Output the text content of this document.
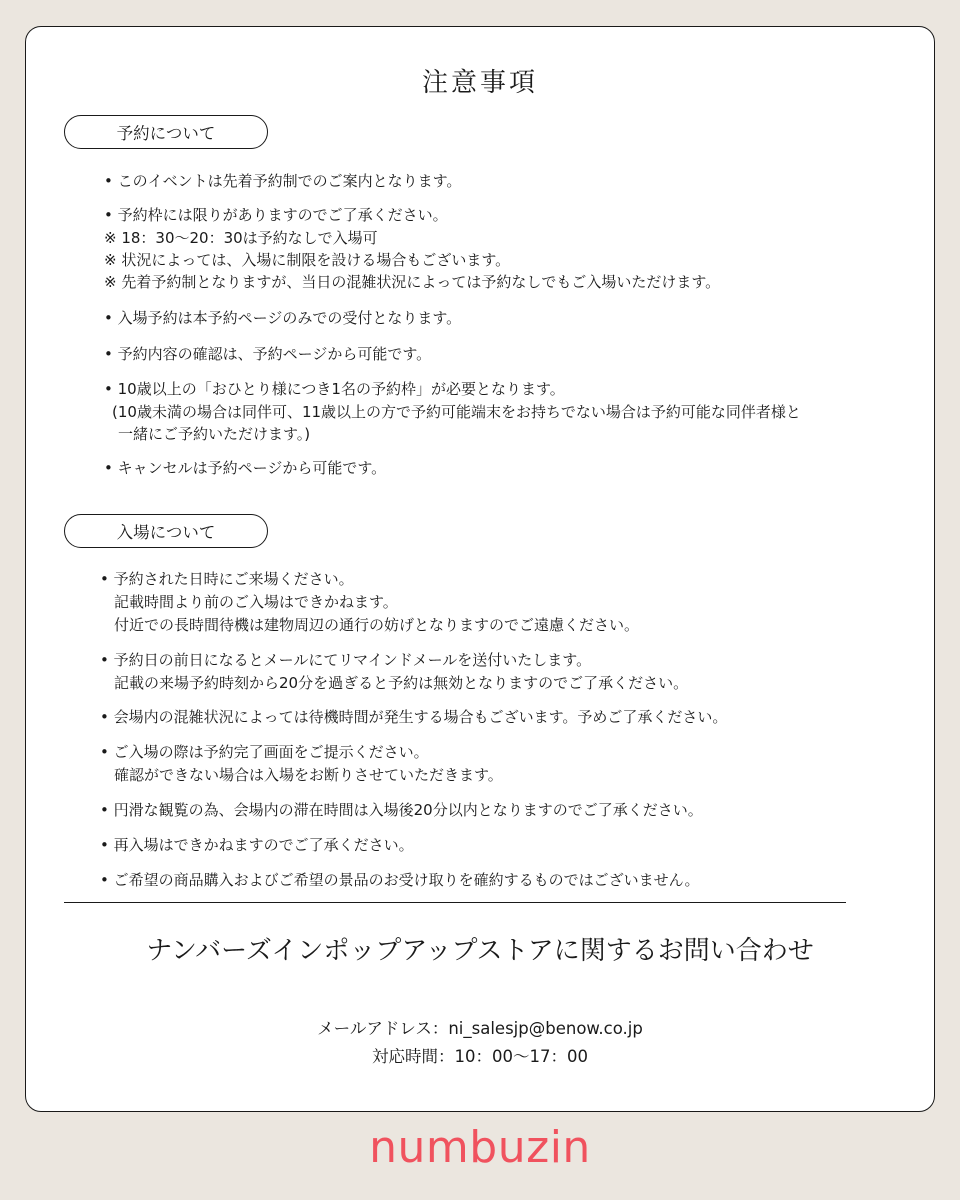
注意事項
予約について
• このイベントは先着予約制でのご案内となります。
• 予約枠には限りがありますのでご了承ください。
※ 18：30～20：30は予約なしで入場可
※ 状況によっては、入場に制限を設ける場合もございます。
※ 先着予約制となりますが、当日の混雑状況によっては予約なしでもご入場いただけます。
• 入場予約は本予約ページのみでの受付となります。
• 予約内容の確認は、予約ページから可能です。
• 10歳以上の「おひとり様につき1名の予約枠」が必要となります。
(10歳未満の場合は同伴可、11歳以上の方で予約可能端末をお持ちでない場合は予約可能な同伴者様と
一緒にご予約いただけます。)
• キャンセルは予約ページから可能です。
入場について
• 予約された日時にご来場ください。
記載時間より前のご入場はできかねます。
付近での長時間待機は建物周辺の通行の妨げとなりますのでご遠慮ください。
• 予約日の前日になるとメールにてリマインドメールを送付いたします。
記載の来場予約時刻から20分を過ぎると予約は無効となりますのでご了承ください。
• 会場内の混雑状況によっては待機時間が発生する場合もございます。予めご了承ください。
• ご入場の際は予約完了画面をご提示ください。
確認ができない場合は入場をお断りさせていただきます。
• 円滑な観覧の為、会場内の滞在時間は入場後20分以内となりますのでご了承ください。
• 再入場はできかねますのでご了承ください。
• ご希望の商品購入およびご希望の景品のお受け取りを確約するものではございません。
ナンバーズインポップアップストアに関するお問い合わせ
メールアドレス：ni_salesjp@benow.co.jp
対応時間：10：00～17：00
numbuzin
